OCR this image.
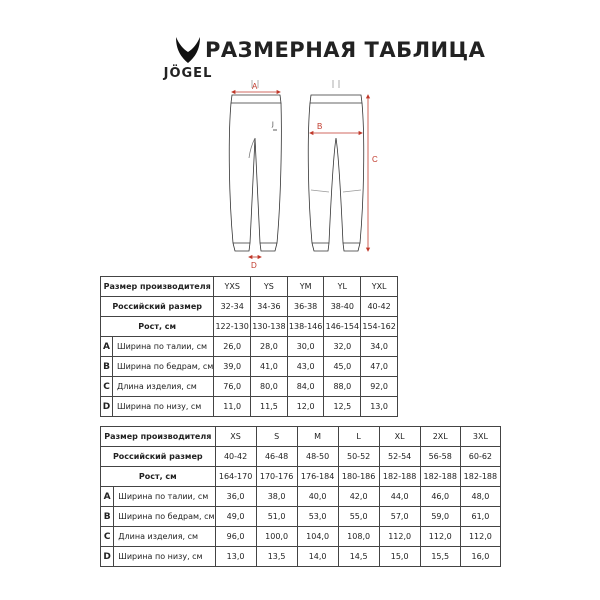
JÖGEL
РАЗМЕРНАЯ ТАБЛИЦА
J
A
B
C
D
Размер производителя		YXS	YS	YM	YL	YXL
Российский размер		32-34	34-36	36-38	38-40	40-42
Рост, см		122-130	130-138	138-146	146-154	154-162
A	Ширина по талии, см	26,0	28,0	30,0	32,0	34,0
B	Ширина по бедрам, см	39,0	41,0	43,0	45,0	47,0
C	Длина изделия, см	76,0	80,0	84,0	88,0	92,0
D	Ширина по низу, см	11,0	11,5	12,0	12,5	13,0
Размер производителя		XS	S	M	L	XL	2XL	3XL
Российский размер		40-42	46-48	48-50	50-52	52-54	56-58	60-62
Рост, см		164-170	170-176	176-184	180-186	182-188	182-188	182-188
A	Ширина по талии, см	36,0	38,0	40,0	42,0	44,0	46,0	48,0
B	Ширина по бедрам, см	49,0	51,0	53,0	55,0	57,0	59,0	61,0
C	Длина изделия, см	96,0	100,0	104,0	108,0	112,0	112,0	112,0
D	Ширина по низу, см	13,0	13,5	14,0	14,5	15,0	15,5	16,0
